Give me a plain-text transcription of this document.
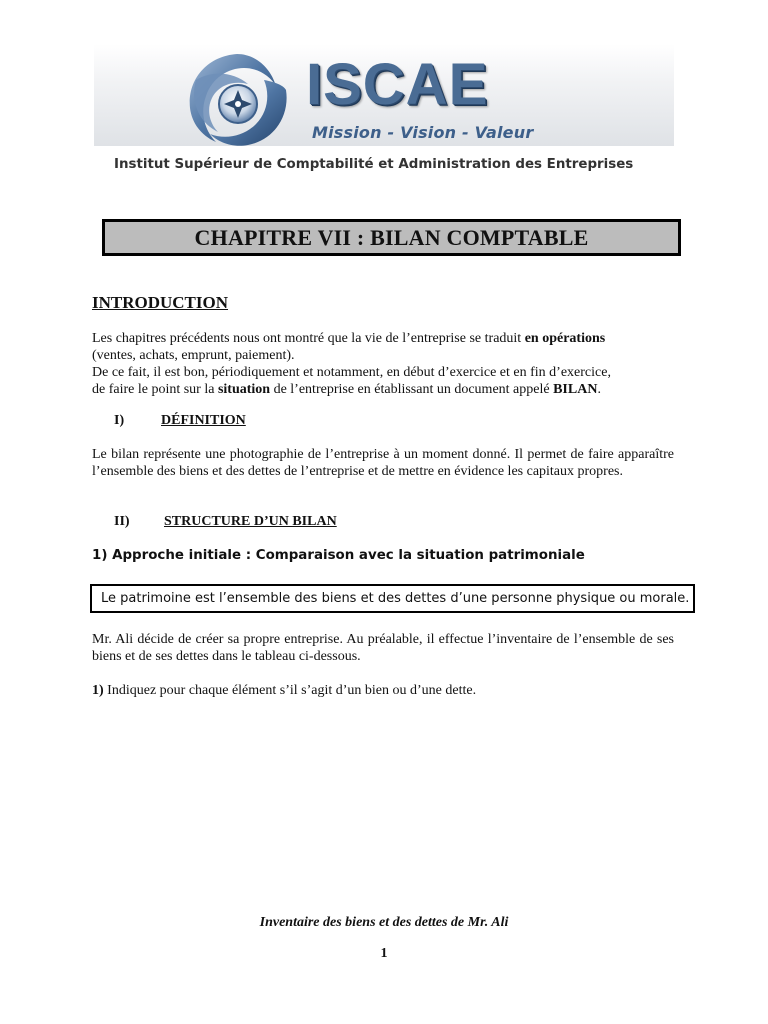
ISCAE
Mission - Vision - Valeur
Institut Supérieur de Comptabilité et Administration des Entreprises
CHAPITRE VII : BILAN COMPTABLE
INTRODUCTION
Les chapitres précédents nous ont montré que la vie de l’entreprise se traduit en opérations
(ventes, achats, emprunt, paiement).
De ce fait, il est bon, périodiquement et notamment, en début d’exercice et en fin d’exercice,
de faire le point sur la situation de l’entreprise en établissant un document appelé BILAN.
I)	DÉFINITION
Le bilan représente une photographie de l’entreprise à un moment donné. Il permet de faire apparaître l’ensemble des biens et des dettes de l’entreprise et de mettre en évidence les capitaux propres.
II) STRUCTURE D’UN BILAN
1) Approche initiale : Comparaison avec la situation patrimoniale
Le patrimoine est l’ensemble des biens et des dettes d’une personne physique ou morale.
Mr. Ali décide de créer sa propre entreprise. Au préalable, il effectue l’inventaire de l’ensemble de ses biens et de ses dettes dans le tableau ci-dessous.
1) Indiquez pour chaque élément s’il s’agit d’un bien ou d’une dette.
Inventaire des biens et des dettes de Mr. Ali
1
